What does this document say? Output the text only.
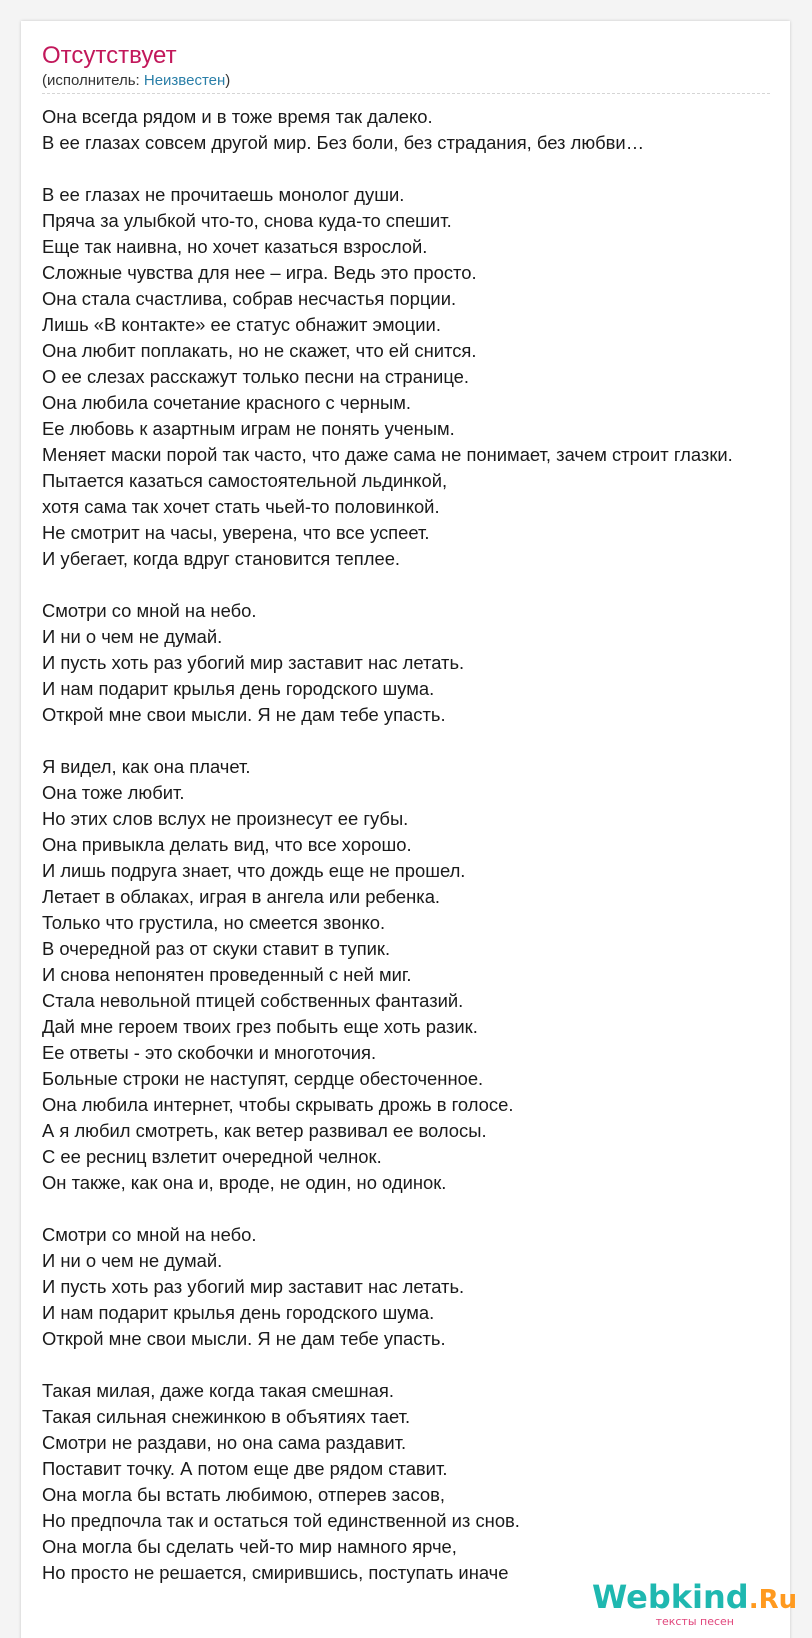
Отсутствует
(исполнитель: Неизвестен)
Она всегда рядом и в тоже время так далеко.
В ее глазах совсем другой мир. Без боли, без страдания, без любви…
В ее глазах не прочитаешь монолог души.
Пряча за улыбкой что-то, снова куда-то спешит.
Еще так наивна, но хочет казаться взрослой.
Сложные чувства для нее – игра. Ведь это просто.
Она стала счастлива, собрав несчастья порции.
Лишь «В контакте» ее статус обнажит эмоции.
Она любит поплакать, но не скажет, что ей снится.
О ее слезах расскажут только песни на странице.
Она любила сочетание красного с черным.
Ее любовь к азартным играм не понять ученым.
Меняет маски порой так часто, что даже сама не понимает, зачем строит глазки.
Пытается казаться самостоятельной льдинкой,
хотя сама так хочет стать чьей-то половинкой.
Не смотрит на часы, уверена, что все успеет.
И убегает, когда вдруг становится теплее.
Смотри со мной на небо.
И ни о чем не думай.
И пусть хоть раз убогий мир заставит нас летать.
И нам подарит крылья день городского шума.
Открой мне свои мысли. Я не дам тебе упасть.
Я видел, как она плачет.
Она тоже любит.
Но этих слов вслух не произнесут ее губы.
Она привыкла делать вид, что все хорошо.
И лишь подруга знает, что дождь еще не прошел.
Летает в облаках, играя в ангела или ребенка.
Только что грустила, но смеется звонко.
В очередной раз от скуки ставит в тупик.
И снова непонятен проведенный с ней миг.
Стала невольной птицей собственных фантазий.
Дай мне героем твоих грез побыть еще хоть разик.
Ее ответы - это скобочки и многоточия.
Больные строки не наступят, сердце обесточенное.
Она любила интернет, чтобы скрывать дрожь в голосе.
А я любил смотреть, как ветер развивал ее волосы.
С ее ресниц взлетит очередной челнок.
Он также, как она и, вроде, не один, но одинок.
Смотри со мной на небо.
И ни о чем не думай.
И пусть хоть раз убогий мир заставит нас летать.
И нам подарит крылья день городского шума.
Открой мне свои мысли. Я не дам тебе упасть.
Такая милая, даже когда такая смешная.
Такая сильная снежинкою в объятиях тает.
Смотри не раздави, но она сама раздавит.
Поставит точку. А потом еще две рядом ставит.
Она могла бы встать любимою, отперев засов,
Но предпочла так и остаться той единственной из снов.
Она могла бы сделать чей-то мир намного ярче,
Но просто не решается, смирившись, поступать иначе
Webkind.Ru
тексты песен
